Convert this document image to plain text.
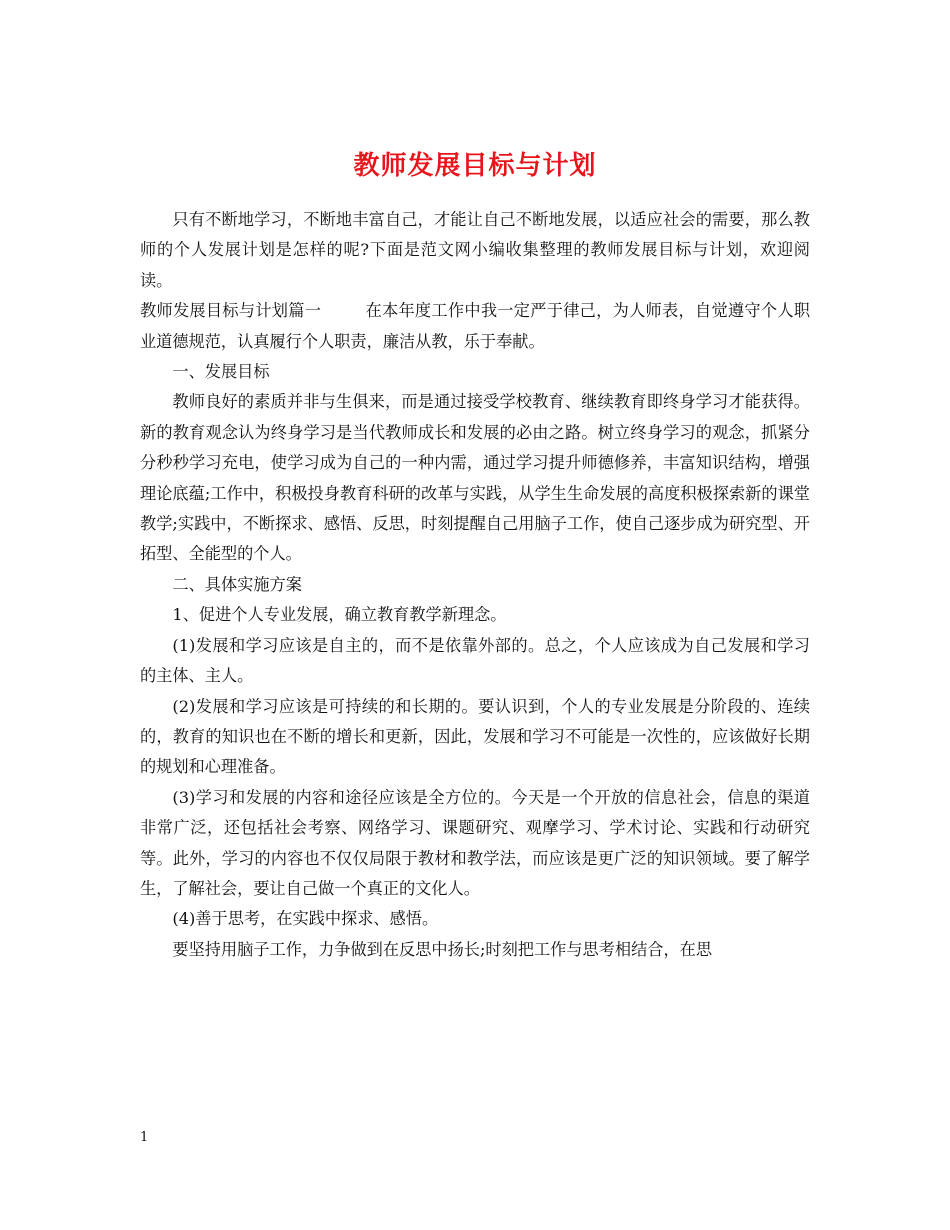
教师发展目标与计划

只有不断地学习，不断地丰富自己，才能让自己不断地发展，以适应社会的需要，那么教师的个人发展计划是怎样的呢?下面是范文网小编收集整理的教师发展目标与计划，欢迎阅读。

教师发展目标与计划篇一	在本年度工作中我一定严于律己，为人师表，自觉遵守个人职业道德规范，认真履行个人职责，廉洁从教，乐于奉献。

一、发展目标

教师良好的素质并非与生俱来，而是通过接受学校教育、继续教育即终身学习才能获得。新的教育观念认为终身学习是当代教师成长和发展的必由之路。树立终身学习的观念，抓紧分分秒秒学习充电，使学习成为自己的一种内需，通过学习提升师德修养，丰富知识结构，增强理论底蕴;工作中，积极投身教育科研的改革与实践，从学生生命发展的高度积极探索新的课堂教学;实践中，不断探求、感悟、反思，时刻提醒自己用脑子工作，使自己逐步成为研究型、开拓型、全能型的个人。

二、具体实施方案

1、促进个人专业发展，确立教育教学新理念。

(1)发展和学习应该是自主的，而不是依靠外部的。总之，个人应该成为自己发展和学习的主体、主人。

(2)发展和学习应该是可持续的和长期的。要认识到，个人的专业发展是分阶段的、连续的，教育的知识也在不断的增长和更新，因此，发展和学习不可能是一次性的，应该做好长期的规划和心理准备。

(3)学习和发展的内容和途径应该是全方位的。今天是一个开放的信息社会，信息的渠道非常广泛，还包括社会考察、网络学习、课题研究、观摩学习、学术讨论、实践和行动研究等。此外，学习的内容也不仅仅局限于教材和教学法，而应该是更广泛的知识领域。要了解学生，了解社会，要让自己做一个真正的文化人。

(4)善于思考，在实践中探求、感悟。

要坚持用脑子工作，力争做到在反思中扬长;时刻把工作与思考相结合，在思

1
